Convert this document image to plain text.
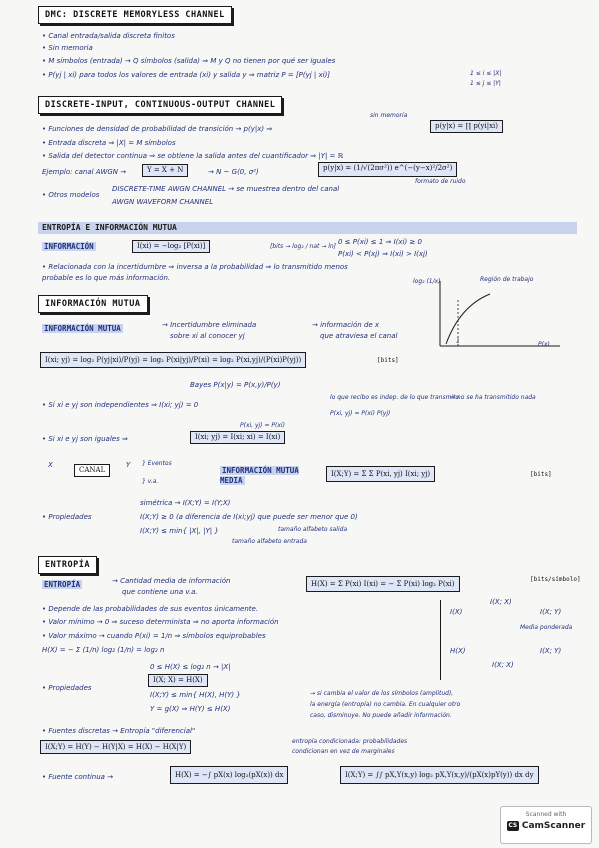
DMC: DISCRETE MEMORYLESS CHANNEL
• Canal entrada/salida discreta finitos
• Sin memoria
• M símbolos (entrada) → Q símbolos (salida) ⇒ M y Q no tienen por qué ser iguales
• P(yj | xi) para todos los valores de entrada (xi) y salida y ⇒ matriz P = [P(yj | xi)]	1 ≤ i ≤ |X|
1 ≤ j ≤ |Y|
DISCRETE-INPUT, CONTINUOUS-OUTPUT CHANNEL
• Funciones de densidad de probabilidad de transición → p(y|x) ⇒
sin memoria
p(y|x) = ∏ p(yi|xi)
• Entrada discreta ⇒ |X| = M símbolos
• Salida del detector continua ⇒ se obtiene la salida antes del cuantificador ⇒ |Y| = ℝ
Ejemplo: canal AWGN →	Y = X + N	→ N ~ G(0, σ²)	p(y|x) = (1/√(2πσ²)) e^(−(y−x)²/2σ²)
formato de ruido
• Otros modelos
DISCRETE-TIME AWGN CHANNEL → se muestrea dentro del canal
AWGN WAVEFORM CHANNEL
ENTROPÍA E INFORMACIÓN MUTUA
INFORMACIÓN	I(xi) = −log₂ [P(xi)]	[bits → log₂ / nat → ln]
0 ≤ P(xi) ≤ 1 ⇒ I(xi) ≥ 0
P(xi) < P(xj) ⇒ I(xi) > I(xj)
• Relacionada con la incertidumbre ⇒ inversa a la probabilidad ⇒ lo transmitido menos
probable es lo que más información.	log₂ (1/x)
P(x)
Región de trabajo
1
INFORMACIÓN MUTUA
INFORMACIÓN MUTUA	→ Incertidumbre eliminada
sobre xi al conocer yj
→ información de x
que atraviesa el canal
I(xi; yj) = log₂ P(yj|xi)/P(yj) = log₂ P(xi|yj)/P(xi) = log₂ P(xi,yj)/(P(xi)P(yj))	[bits]
Bayes P(x|y) = P(x,y)/P(y)
• Si xi e yj son independientes ⇒ I(xi; yj) = 0
lo que recibo es indep. de lo que transmito
⇒ no se ha transmitido nada
P(xi, yj) = P(xi) P(yj)
P(xi, yj) = P(xi)
• Si xi e yj son iguales ⇒	I(xi; yj) = I(xi; xi) = I(xi)
X
CANAL
Y } Eventos
} v.a.
INFORMACIÓN MUTUA MEDIA
I(X;Y) = Σ Σ P(xi, yj) I(xi; yj)	[bits]
• Propiedades
simétrica → I(X;Y) = I(Y;X)
I(X;Y) ≥ 0 (a diferencia de I(xi;yj) que puede ser menor que 0)
I(X;Y) ≤ min{ |X|, |Y| }	tamaño alfabeto salida
tamaño alfabeto entrada
ENTROPÍA
ENTROPÍA	→ Cantidad media de información
que contiene una v.a.
H(X) = Σ P(xi) I(xi) = − Σ P(xi) log₂ P(xi)
[bits/símbolo]
• Depende de las probabilidades de sus eventos únicamente.
• Valor mínimo → 0 ⇒ suceso determinista ⇒ no aporta información
• Valor máximo → cuando P(xi) = 1/n ⇒ símbolos equiprobables
H(X) = − Σ (1/n) log₂ (1/n) = log₂ n
• Propiedades
0 ≤ H(X) ≤ log₂ n → |X|
I(X; X) = H(X)
I(X;Y) ≤ min{ H(X), H(Y) }
Y = g(X) ⇒ H(Y) ≤ H(X)
→ si cambia el valor de los símbolos (amplitud),
la energía (entropía) no cambia. En cualquier otro
caso, disminuye. No puede añadir información.
I(X)
I(X; X)
I(X; Y)
H(X)
I(X; X)
I(X; Y)
Media ponderada
• Fuentes discretas → Entropía "diferencial"
I(X;Y) = H(Y) − H(Y|X) = H(X) − H(X|Y)
entropía condicionada: probabilidades
condicionan en vez de marginales
• Fuente continua →	H(X) = −∫ pX(x) log₂(pX(x)) dx	I(X;Y) = ∫∫ pX,Y(x,y) log₂ pX,Y(x,y)/(pX(x)pY(y)) dx dy
Scanned with
CS CamScanner
